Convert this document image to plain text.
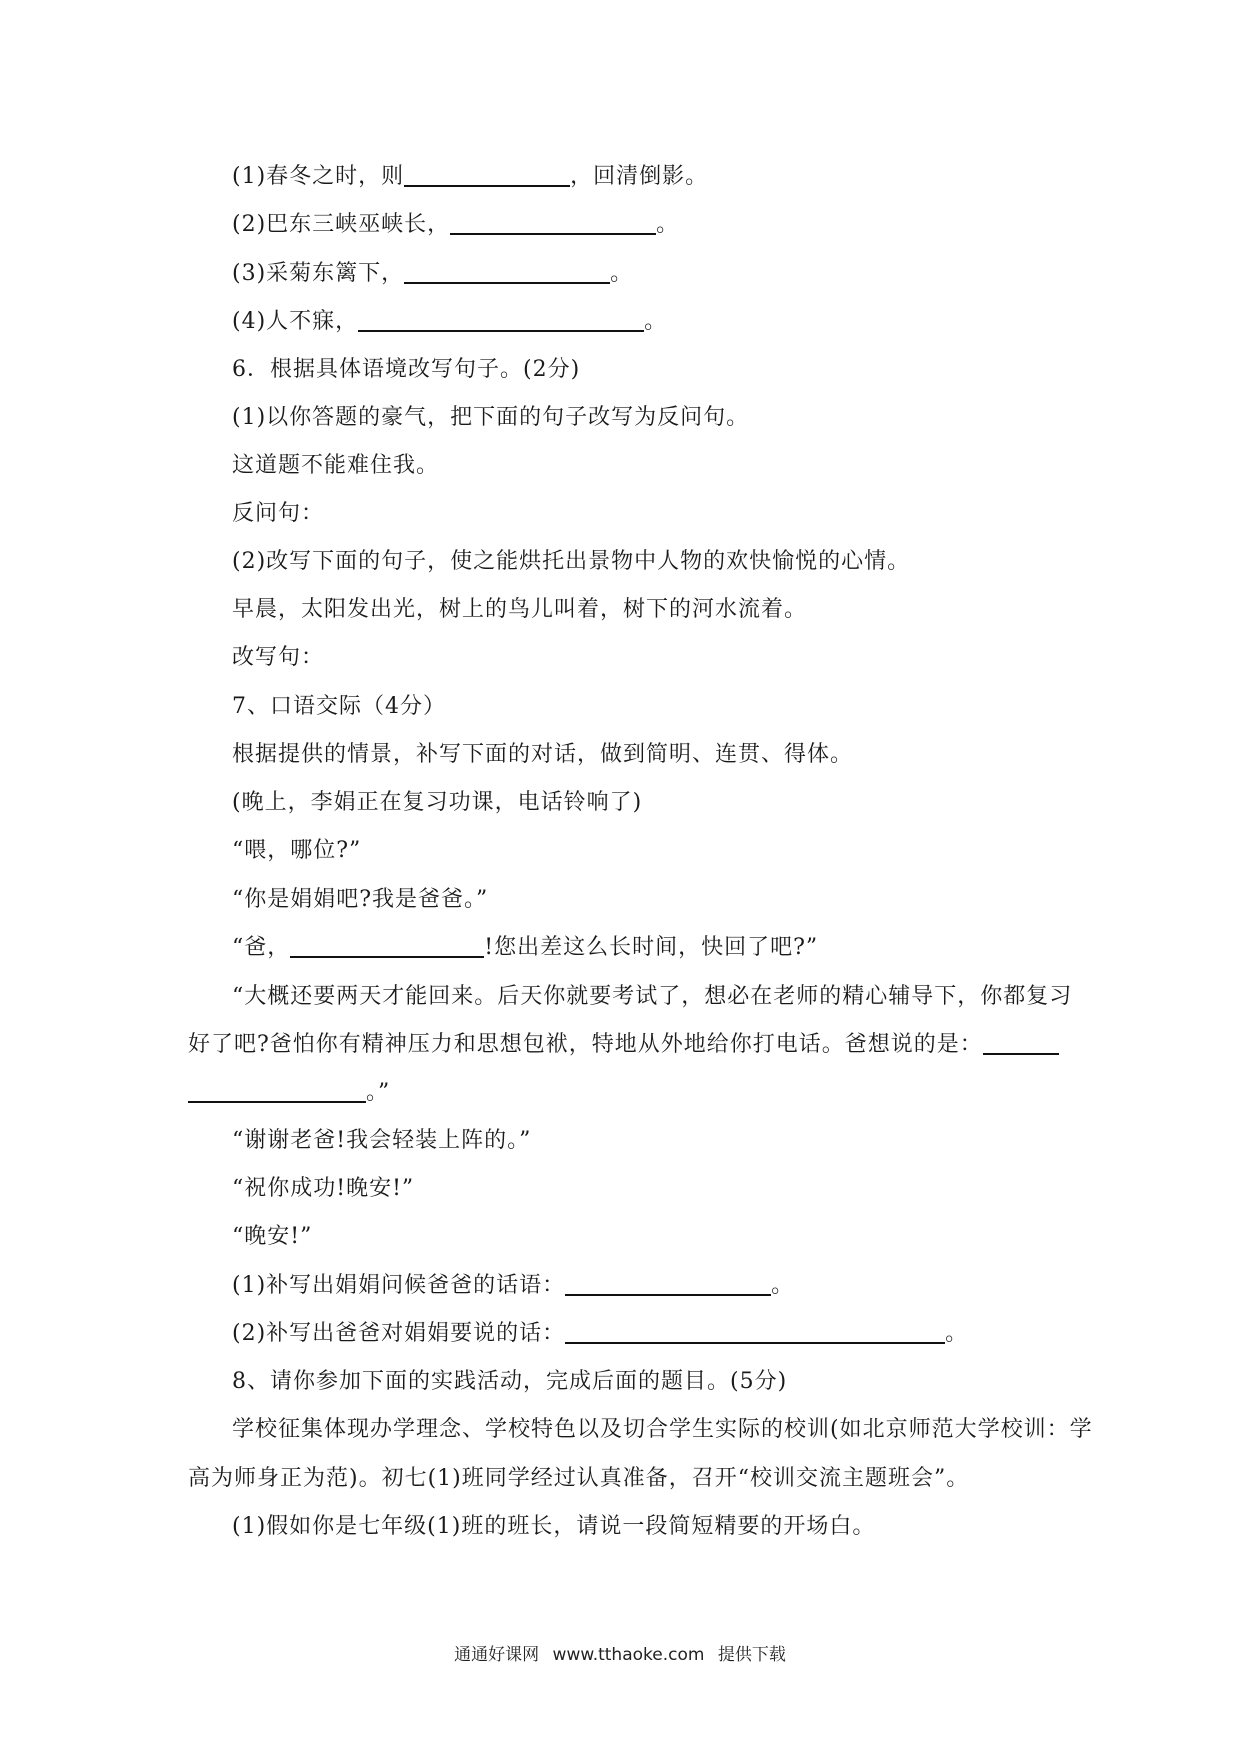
(1)春冬之时，则	，回清倒影。
(2)巴东三峡巫峡长，	。
(3)采菊东篱下，	。
(4)人不寐，	。
6．根据具体语境改写句子。(2分)
(1)以你答题的豪气，把下面的句子改写为反问句。
这道题不能难住我。
反问句：
(2)改写下面的句子，使之能烘托出景物中人物的欢快愉悦的心情。
早晨，太阳发出光，树上的鸟儿叫着，树下的河水流着。
改写句：
7、口语交际（4分）
根据提供的情景，补写下面的对话，做到简明、连贯、得体。
(晚上，李娟正在复习功课，电话铃响了)
“喂，哪位?”
“你是娟娟吧?我是爸爸。”
“爸，	!您出差这么长时间，快回了吧?”
“大概还要两天才能回来。后天你就要考试了，想必在老师的精心辅导下，你都复习
好了吧?爸怕你有精神压力和思想包袱，特地从外地给你打电话。爸想说的是：
。”
“谢谢老爸!我会轻装上阵的。”
“祝你成功!晚安!”
“晚安!”
(1)补写出娟娟问候爸爸的话语：	。
(2)补写出爸爸对娟娟要说的话：	。
8、请你参加下面的实践活动，完成后面的题目。(5分)
学校征集体现办学理念、学校特色以及切合学生实际的校训(如北京师范大学校训：学
高为师身正为范)。初七(1)班同学经过认真准备，召开“校训交流主题班会”。
(1)假如你是七年级(1)班的班长，请说一段简短精要的开场白。
通通好课网 www.tthaoke.com 提供下载
